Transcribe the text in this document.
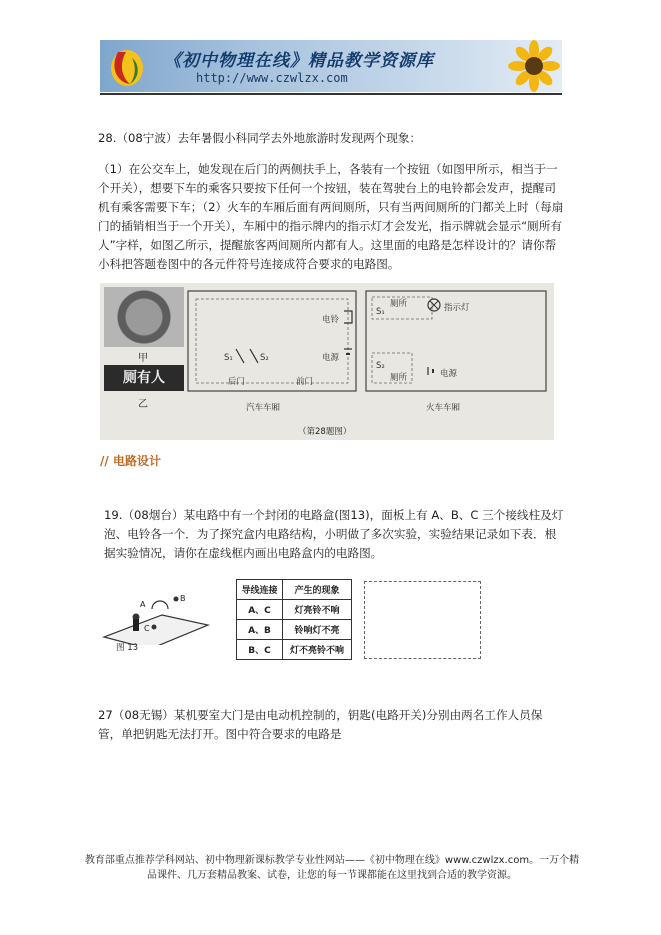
《初中物理在线》精品教学资源库
http://www.czwlzx.com
28.（08宁波）去年暑假小科同学去外地旅游时发现两个现象：
（1）在公交车上，她发现在后门的两侧扶手上，各装有一个按钮（如图甲所示，相当于一个开关），想要下车的乘客只要按下任何一个按钮，装在驾驶台上的电铃都会发声，提醒司机有乘客需要下车；（2）火车的车厢后面有两间厕所，只有当两间厕所的门都关上时（每扇门的插销相当于一个开关），车厢中的指示牌内的指示灯才会发光，指示牌就会显示“厕所有人”字样，如图乙所示，提醒旅客两间厕所内都有人。这里面的电路是怎样设计的？请你帮小科把答题卷图中的各元件符号连接成符合要求的电路图。
甲
厕有人
乙
电铃
电源
S₁	S₂
后门	前门
汽车车厢
厕所
S₁	指示灯
S₂
厕所	电源
火车车厢
（第28题图）
// 电路设计
19.（08烟台）某电路中有一个封闭的电路盒(图13)，面板上有 A、B、C 三个接线柱及灯泡、电铃各一个．为了探究盒内电路结构，小明做了多次实验，实验结果记录如下表．根据实验情况，请你在虚线框内画出电路盒内的电路图。
A
B
C
图 13
导线连接	产生的现象
A、C	灯亮铃不响
A、B	铃响灯不亮
B、C	灯不亮铃不响
27（08无锡）某机要室大门是由电动机控制的，钥匙(电路开关)分别由两名工作人员保管，单把钥匙无法打开。图中符合要求的电路是
教育部重点推荐学科网站、初中物理新课标教学专业性网站——《初中物理在线》www.czwlzx.com。一万个精品课件、几万套精品教案、试卷，让您的每一节课都能在这里找到合适的教学资源。
